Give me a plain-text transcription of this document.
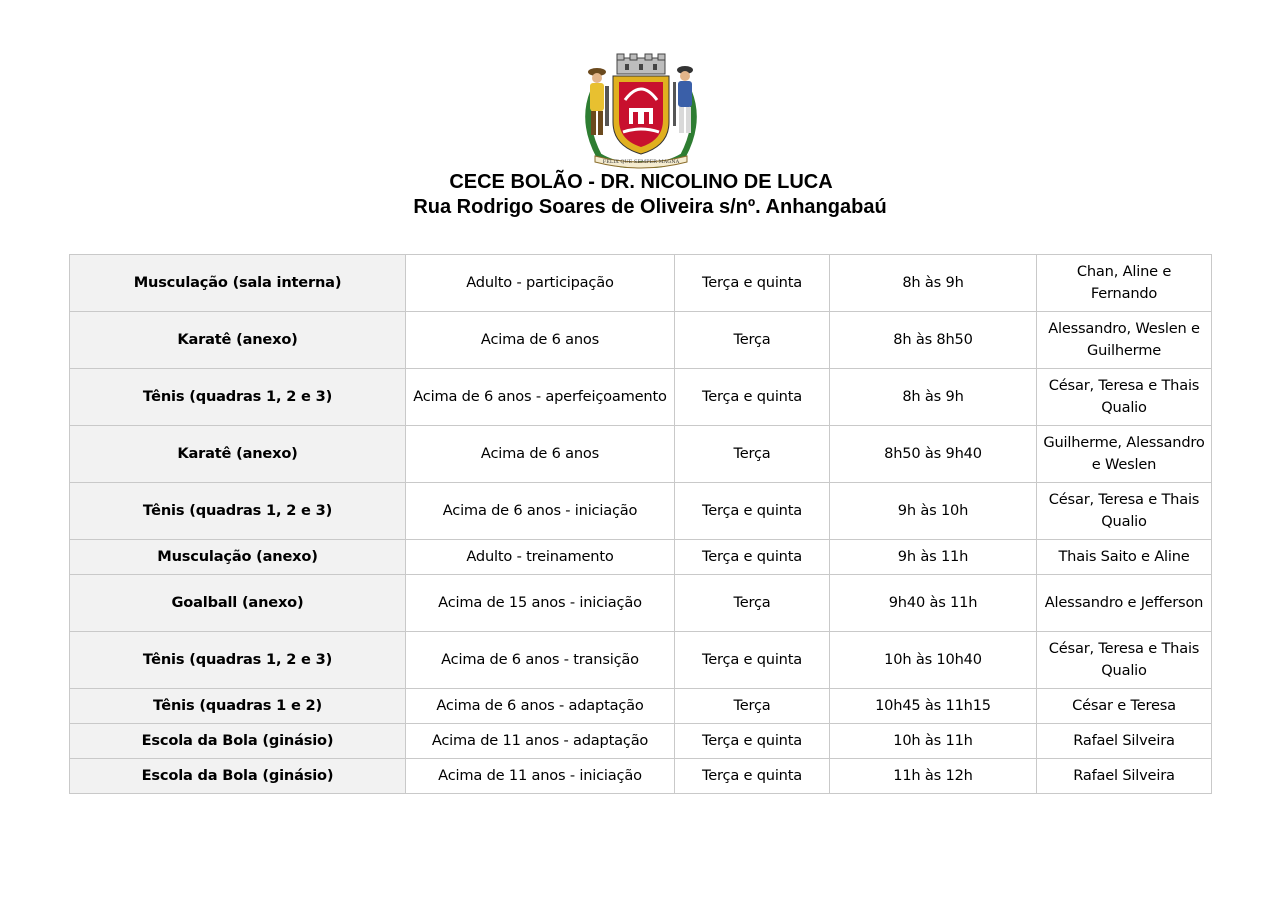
FELIX QUE SEMPER MAGNA
CECE BOLÃO - DR. NICOLINO DE LUCA
Rua Rodrigo Soares de Oliveira s/nº. Anhangabaú
Musculação (sala interna)	Adulto - participação	Terça e quinta	8h às 9h	Chan, Aline e Fernando
Karatê (anexo)	Acima de 6 anos	Terça	8h às 8h50	Alessandro, Weslen e Guilherme
Tênis (quadras 1, 2 e 3)	Acima de 6 anos - aperfeiçoamento	Terça e quinta	8h às 9h	César, Teresa e Thais Qualio
Karatê (anexo)	Acima de 6 anos	Terça	8h50 às 9h40	Guilherme, Alessandro e Weslen
Tênis (quadras 1, 2 e 3)	Acima de 6 anos - iniciação	Terça e quinta	9h às 10h	César, Teresa e Thais Qualio
Musculação (anexo)	Adulto - treinamento	Terça e quinta	9h às 11h	Thais Saito e Aline
Goalball (anexo)	Acima de 15 anos - iniciação	Terça	9h40 às 11h	Alessandro e Jefferson
Tênis (quadras 1, 2 e 3)	Acima de 6 anos - transição	Terça e quinta	10h às 10h40	César, Teresa e Thais Qualio
Tênis (quadras 1 e 2)	Acima de 6 anos - adaptação	Terça	10h45 às 11h15	César e Teresa
Escola da Bola (ginásio)	Acima de 11 anos - adaptação	Terça e quinta	10h às 11h	Rafael Silveira
Escola da Bola (ginásio)	Acima de 11 anos - iniciação	Terça e quinta	11h às 12h	Rafael Silveira
